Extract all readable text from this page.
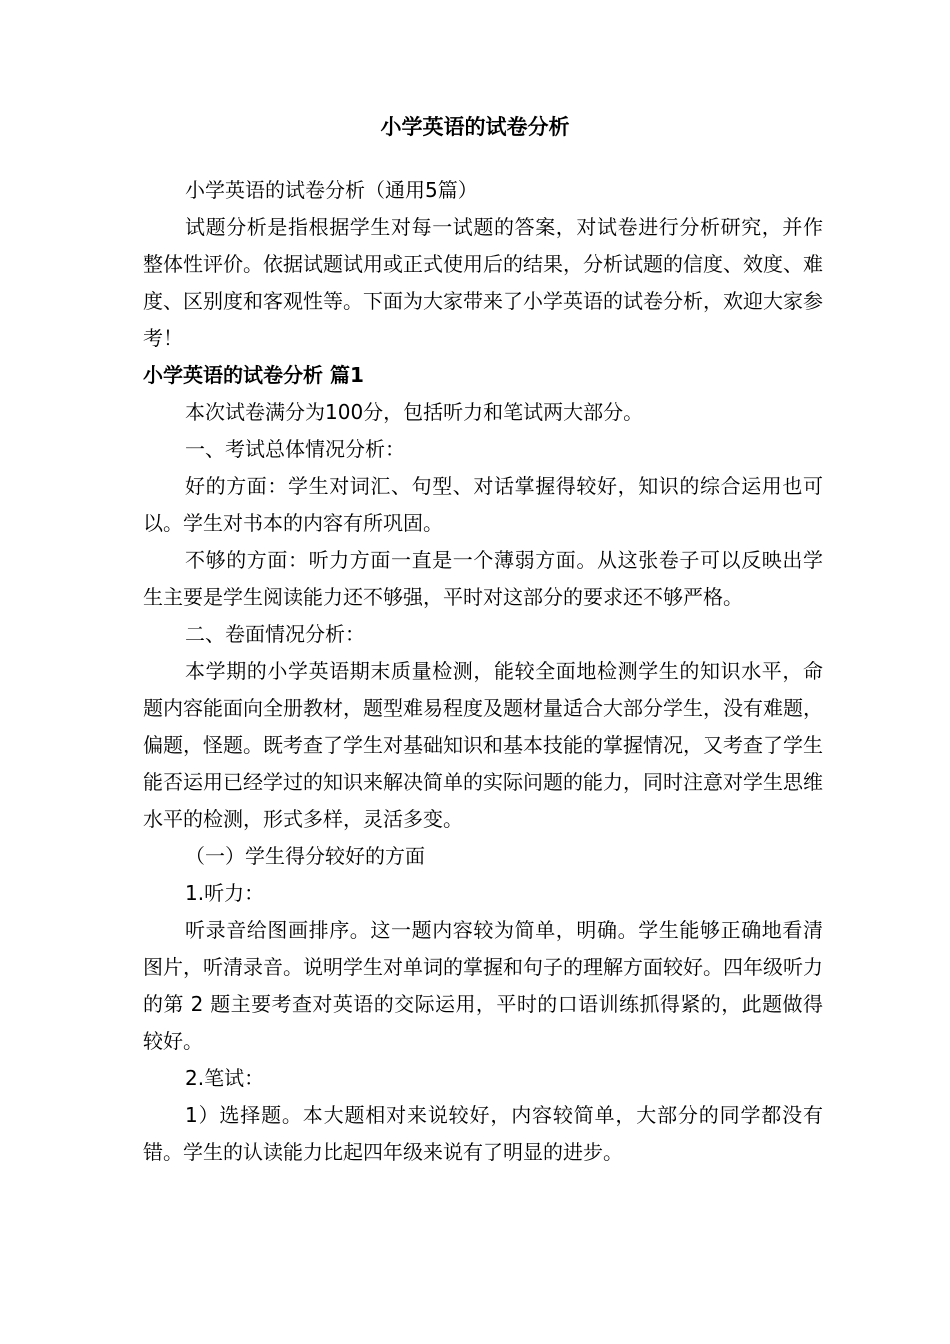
小学英语的试卷分析

小学英语的试卷分析（通用5篇）

试题分析是指根据学生对每一试题的答案，对试卷进行分析研究，并作整体性评价。依据试题试用或正式使用后的结果，分析试题的信度、效度、难度、区别度和客观性等。下面为大家带来了小学英语的试卷分析，欢迎大家参考！

小学英语的试卷分析 篇1

本次试卷满分为100分，包括听力和笔试两大部分。

一、考试总体情况分析：

好的方面：学生对词汇、句型、对话掌握得较好，知识的综合运用也可以。学生对书本的内容有所巩固。

不够的方面：听力方面一直是一个薄弱方面。从这张卷子可以反映出学生主要是学生阅读能力还不够强，平时对这部分的要求还不够严格。

二、卷面情况分析：

本学期的小学英语期末质量检测，能较全面地检测学生的知识水平，命题内容能面向全册教材，题型难易程度及题材量适合大部分学生，没有难题，偏题，怪题。既考查了学生对基础知识和基本技能的掌握情况，又考查了学生能否运用已经学过的知识来解决简单的实际问题的能力，同时注意对学生思维水平的检测，形式多样，灵活多变。

（一）学生得分较好的方面

1.听力：

听录音给图画排序。这一题内容较为简单，明确。学生能够正确地看清图片，听清录音。说明学生对单词的掌握和句子的理解方面较好。四年级听力的第 2 题主要考查对英语的交际运用，平时的口语训练抓得紧的，此题做得较好。

2.笔试：

1）选择题。本大题相对来说较好，内容较简单，大部分的同学都没有错。学生的认读能力比起四年级来说有了明显的进步。
